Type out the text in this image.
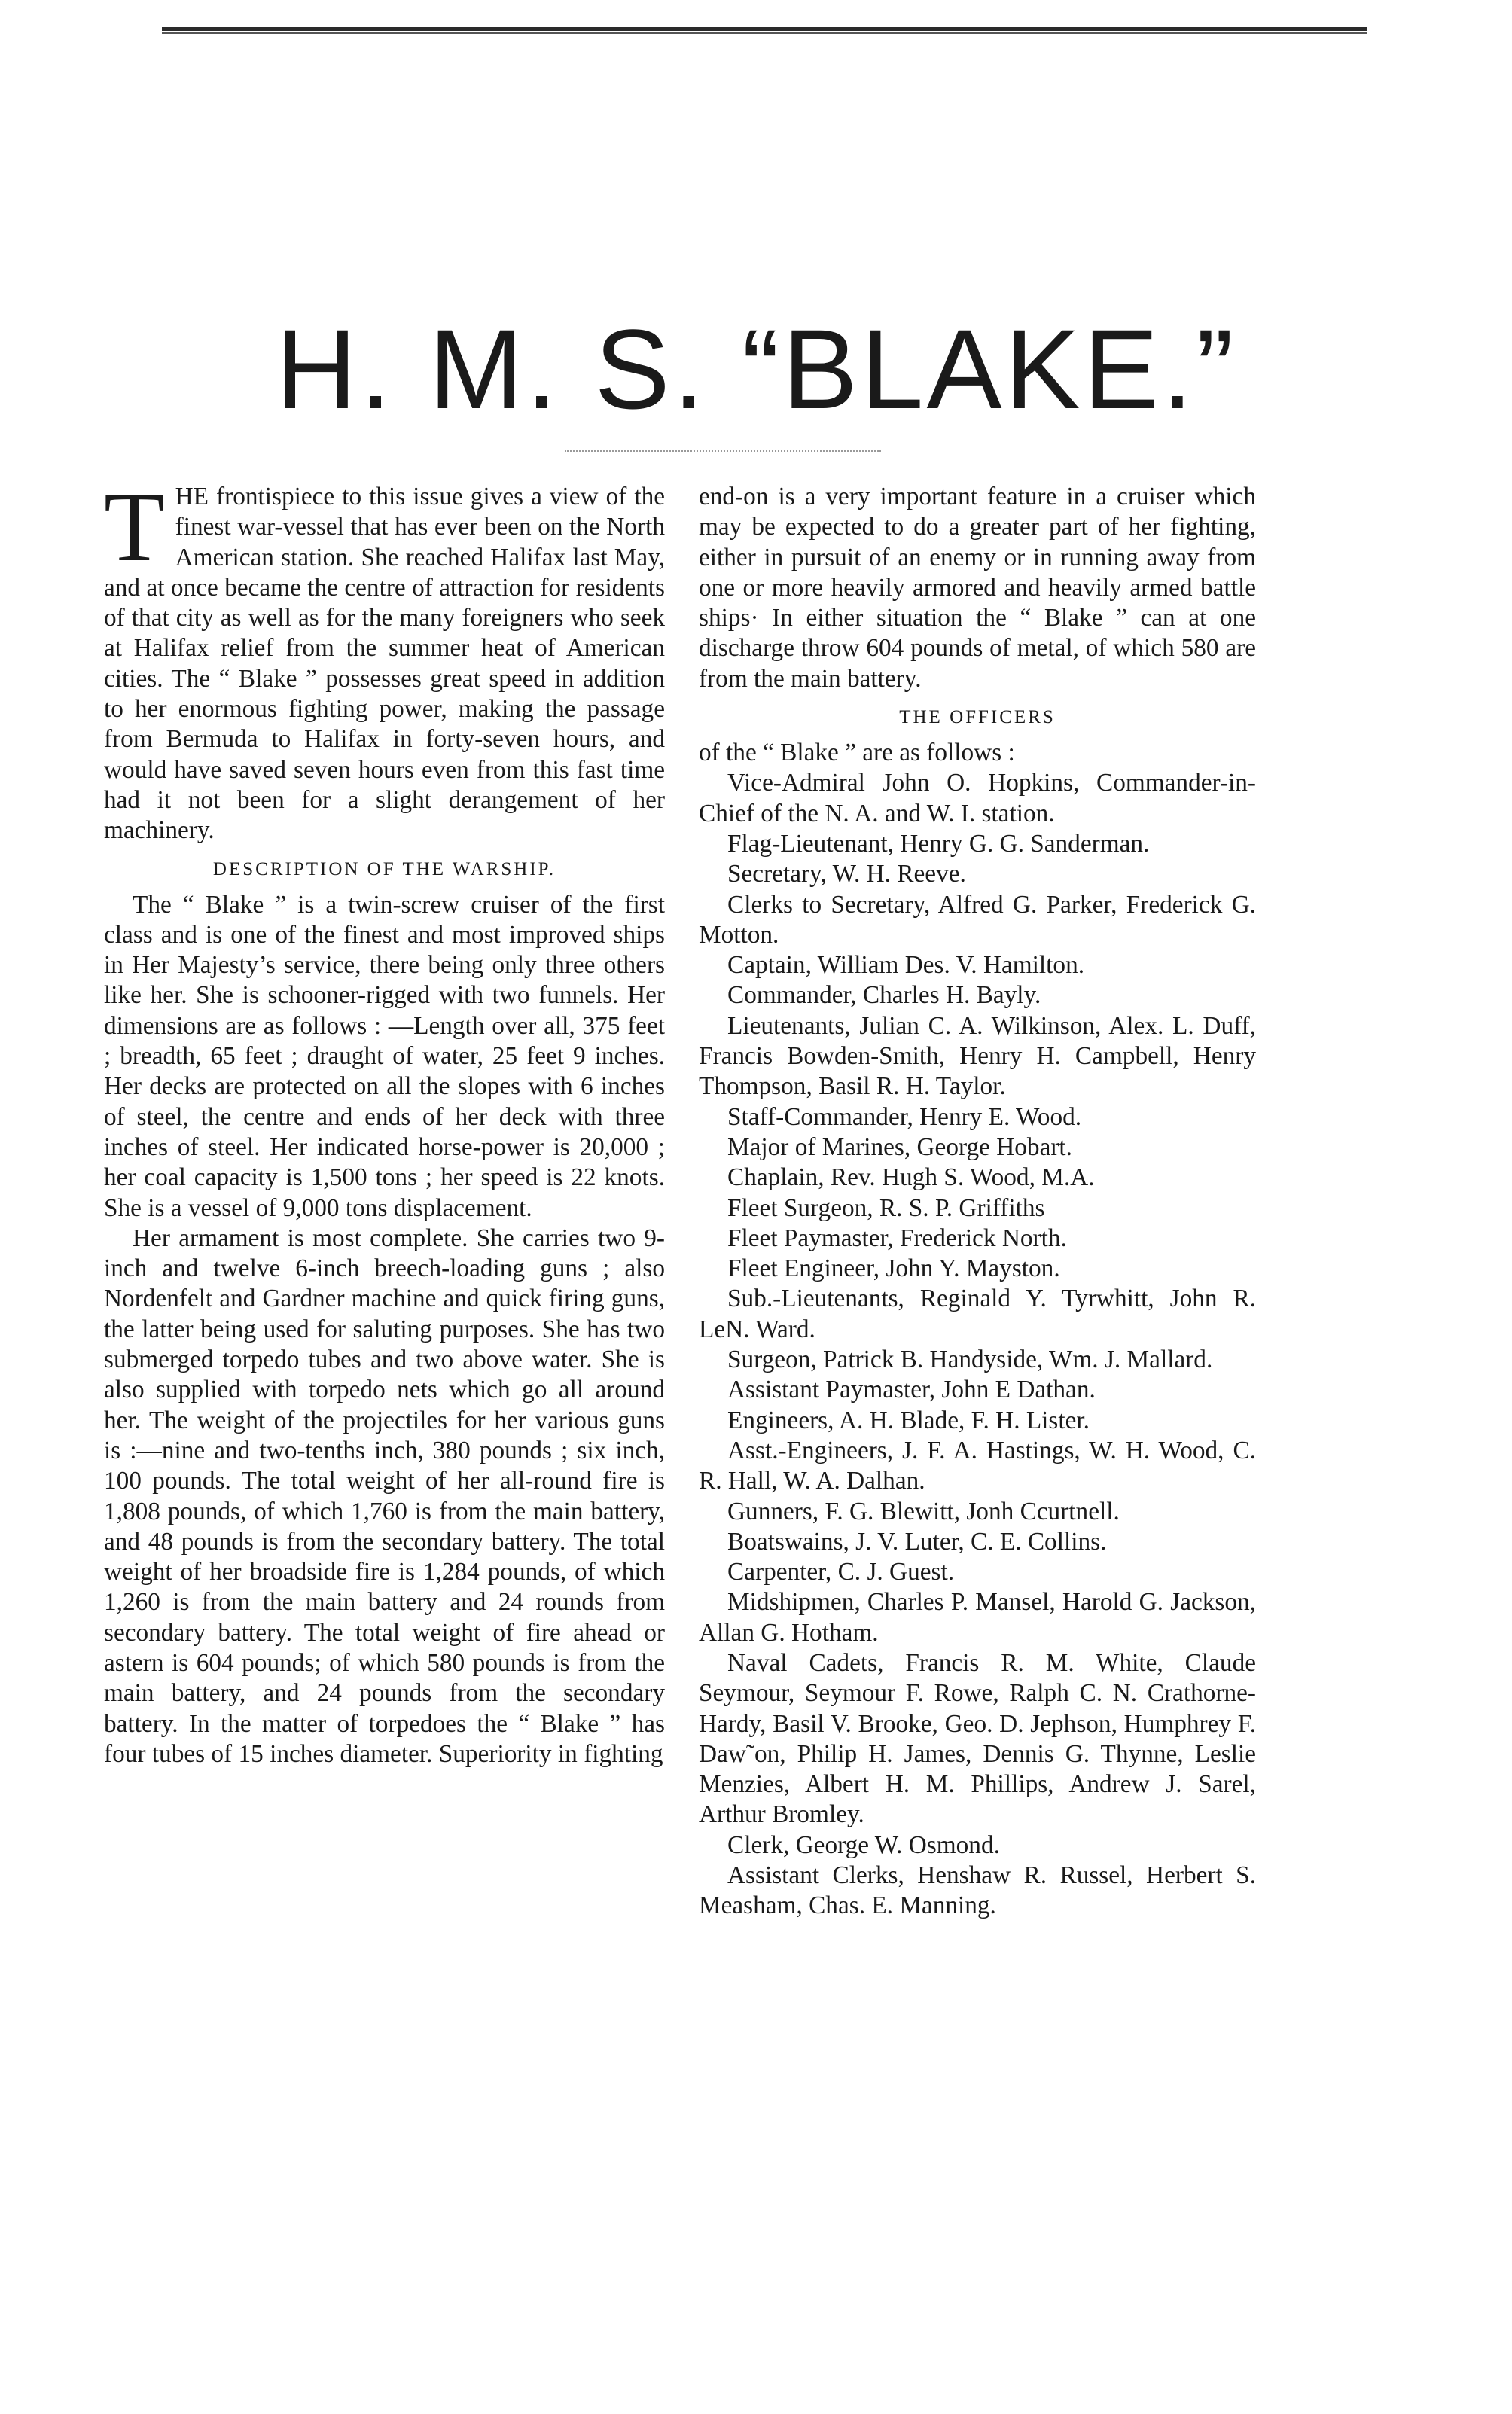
H. M. S. “BLAKE.”

THE frontispiece to this issue gives a view of the finest war-vessel that has ever been on the North American station. She reached Halifax last May, and at once became the centre of attraction for residents of that city as well as for the many foreigners who seek at Halifax relief from the summer heat of American cities. The “ Blake ” possesses great speed in addition to her enormous fighting power, making the passage from Bermuda to Halifax in forty-seven hours, and would have saved seven hours even from this fast time had it not been for a slight derangement of her machinery.

DESCRIPTION OF THE WARSHIP.

The “ Blake ” is a twin-screw cruiser of the first class and is one of the finest and most improved ships in Her Majesty’s service, there being only three others like her. She is schooner-rigged with two funnels. Her dimensions are as follows : —Length over all, 375 feet ; breadth, 65 feet ; draught of water, 25 feet 9 inches. Her decks are protected on all the slopes with 6 inches of steel, the centre and ends of her deck with three inches of steel. Her indicated horse-power is 20,000 ; her coal capacity is 1,500 tons ; her speed is 22 knots. She is a vessel of 9,000 tons displacement.

Her armament is most complete. She carries two 9-inch and twelve 6-inch breech-loading guns ; also Nordenfelt and Gardner machine and quick firing guns, the latter being used for saluting purposes. She has two submerged torpedo tubes and two above water. She is also supplied with torpedo nets which go all around her. The weight of the projectiles for her various guns is :—nine and two-tenths inch, 380 pounds ; six inch, 100 pounds. The total weight of her all-round fire is 1,808 pounds, of which 1,760 is from the main battery, and 48 pounds is from the secondary battery. The total weight of her broadside fire is 1,284 pounds, of which 1,260 is from the main battery and 24 rounds from secondary battery. The total weight of fire ahead or astern is 604 pounds; of which 580 pounds is from the main battery, and 24 pounds from the secondary battery. In the matter of torpedoes the “ Blake ” has four tubes of 15 inches diameter. Superiority in fighting

end-on is a very important feature in a cruiser which may be expected to do a greater part of her fighting, either in pursuit of an enemy or in running away from one or more heavily armored and heavily armed battle ships· In either situation the “ Blake ” can at one discharge throw 604 pounds of metal, of which 580 are from the main battery.

THE OFFICERS

of the “ Blake ” are as follows :

Vice-Admiral John O. Hopkins, Commander-in-Chief of the N. A. and W. I. station.

Flag-Lieutenant, Henry G. G. Sanderman.

Secretary, W. H. Reeve.

Clerks to Secretary, Alfred G. Parker, Frederick G. Motton.

Captain, William Des. V. Hamilton.

Commander, Charles H. Bayly.

Lieutenants, Julian C. A. Wilkinson, Alex. L. Duff, Francis Bowden-Smith, Henry H. Campbell, Henry Thompson, Basil R. H. Taylor.

Staff-Commander, Henry E. Wood.

Major of Marines, George Hobart.

Chaplain, Rev. Hugh S. Wood, M.A.

Fleet Surgeon, R. S. P. Griffiths

Fleet Paymaster, Frederick North.

Fleet Engineer, John Y. Mayston.

Sub.-Lieutenants, Reginald Y. Tyrwhitt, John R. LeN. Ward.

Surgeon, Patrick B. Handyside, Wm. J. Mallard.

Assistant Paymaster, John E Dathan.

Engineers, A. H. Blade, F. H. Lister.

Asst.-Engineers, J. F. A. Hastings, W. H. Wood, C. R. Hall, W. A. Dalhan.

Gunners, F. G. Blewitt, Jonh Ccurtnell.

Boatswains, J. V. Luter, C. E. Collins.

Carpenter, C. J. Guest.

Midshipmen, Charles P. Mansel, Harold G. Jackson, Allan G. Hotham.

Naval Cadets, Francis R. M. White, Claude Seymour, Seymour F. Rowe, Ralph C. N. Crathorne-Hardy, Basil V. Brooke, Geo. D. Jephson, Humphrey F. Daw˜on, Philip H. James, Dennis G. Thynne, Leslie Menzies, Albert H. M. Phillips, Andrew J. Sarel, Arthur Bromley.

Clerk, George W. Osmond.

Assistant Clerks, Henshaw R. Russel, Herbert S. Measham, Chas. E. Manning.
